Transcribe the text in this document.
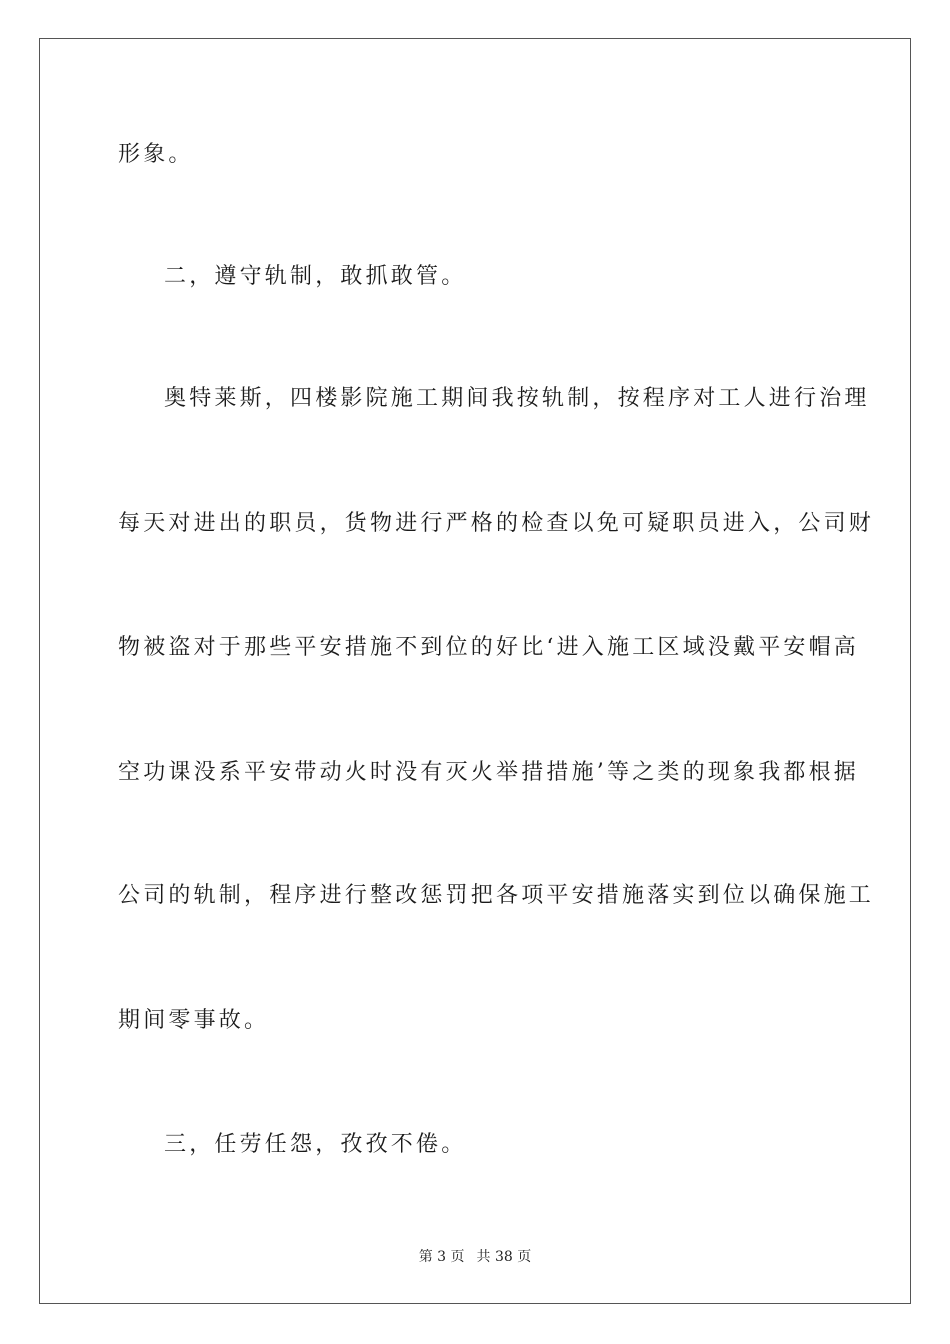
形象。

二，遵守轨制，敢抓敢管。

奥特莱斯，四楼影院施工期间我按轨制，按程序对工人进行治理

每天对进出的职员，货物进行严格的检查以免可疑职员进入，公司财

物被盗对于那些平安措施不到位的好比‘进入施工区域没戴平安帽高

空功课没系平安带动火时没有灭火举措措施’等之类的现象我都根据

公司的轨制，程序进行整改惩罚把各项平安措施落实到位以确保施工

期间零事故。

三，任劳任怨，孜孜不倦。

第 3 页 共 38 页
